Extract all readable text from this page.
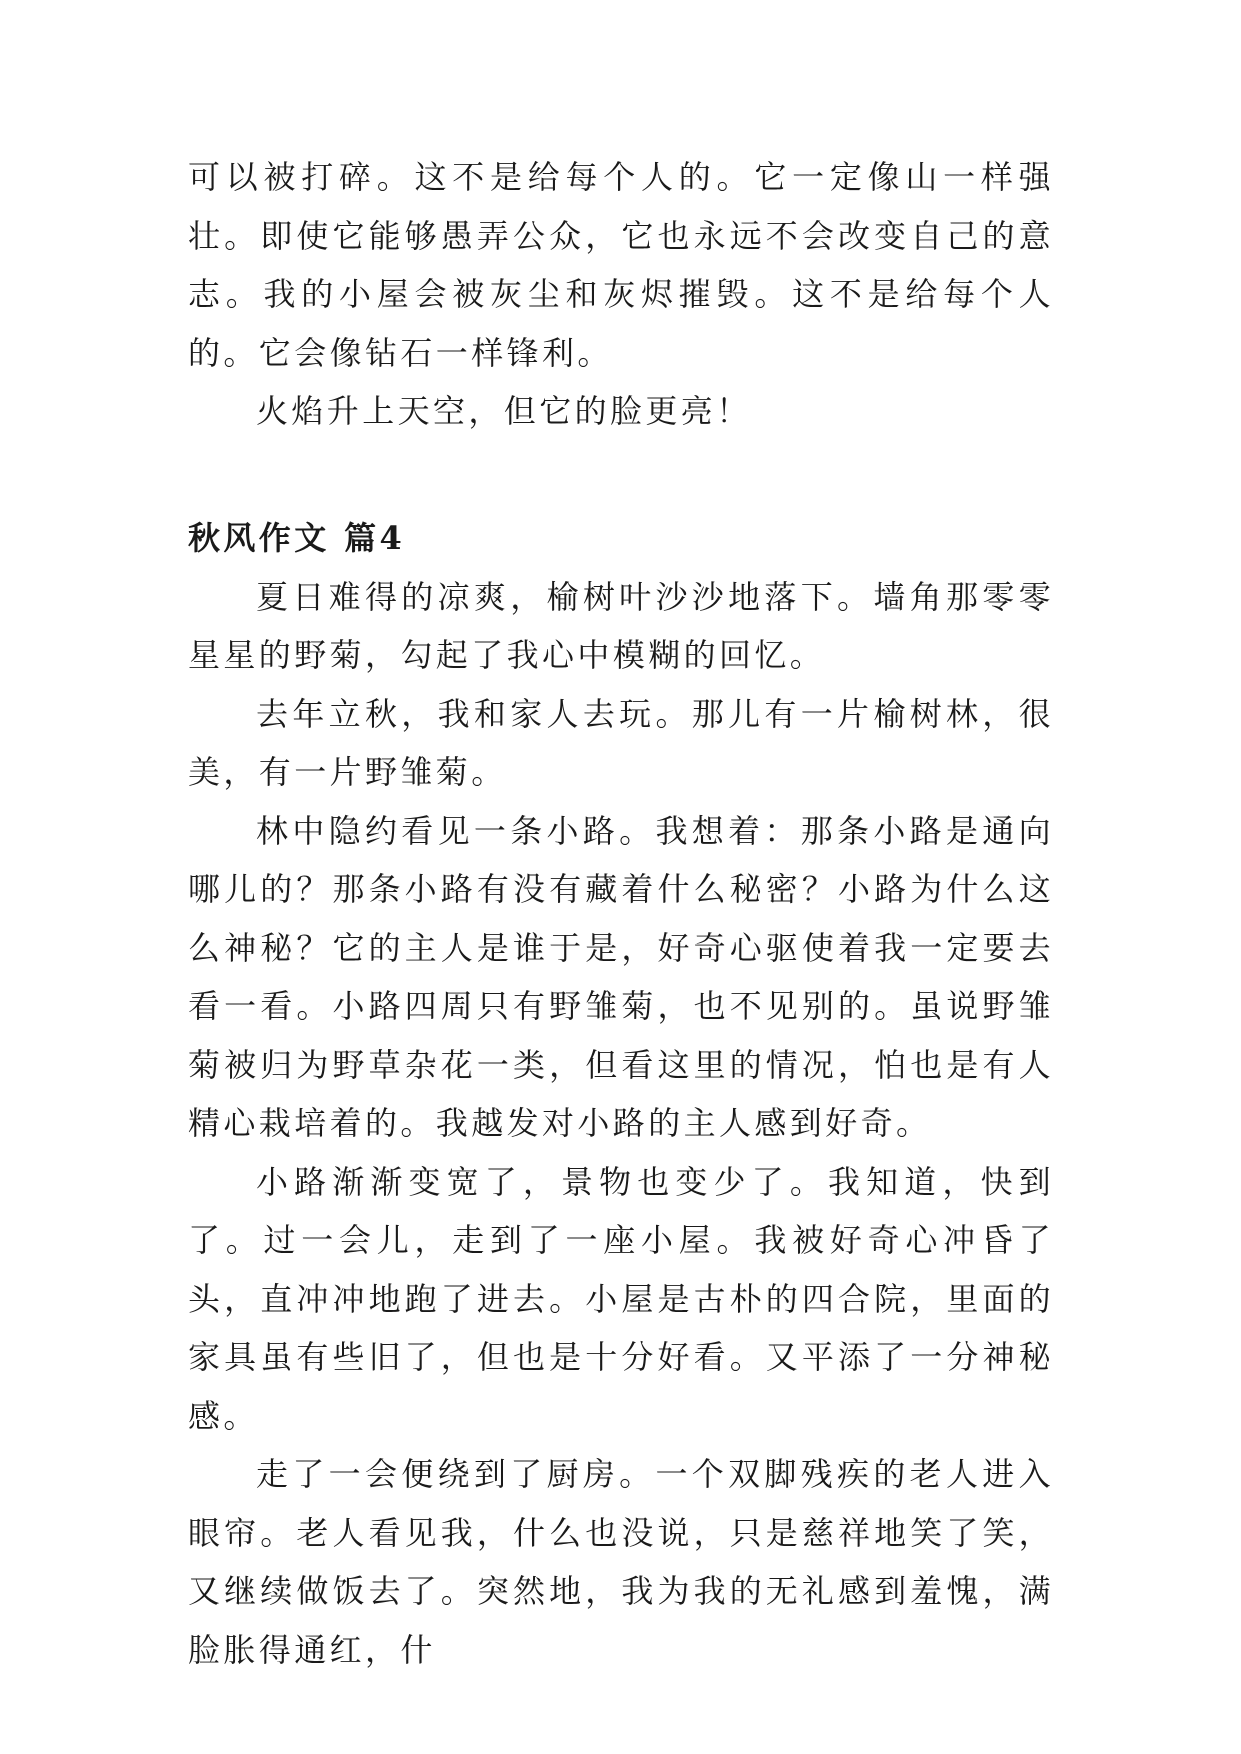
可以被打碎。这不是给每个人的。它一定像山一样强壮。即使它能够愚弄公众，它也永远不会改变自己的意志。我的小屋会被灰尘和灰烬摧毁。这不是给每个人的。它会像钻石一样锋利。

火焰升上天空，但它的脸更亮！

秋风作文 篇4

夏日难得的凉爽，榆树叶沙沙地落下。墙角那零零星星的野菊，勾起了我心中模糊的回忆。

去年立秋，我和家人去玩。那儿有一片榆树林，很美，有一片野雏菊。

林中隐约看见一条小路。我想着：那条小路是通向哪儿的？那条小路有没有藏着什么秘密？小路为什么这么神秘？它的主人是谁于是，好奇心驱使着我一定要去看一看。小路四周只有野雏菊，也不见别的。虽说野雏菊被归为野草杂花一类，但看这里的情况，怕也是有人精心栽培着的。我越发对小路的主人感到好奇。

小路渐渐变宽了，景物也变少了。我知道，快到了。过一会儿，走到了一座小屋。我被好奇心冲昏了头，直冲冲地跑了进去。小屋是古朴的四合院，里面的家具虽有些旧了，但也是十分好看。又平添了一分神秘感。

走了一会便绕到了厨房。一个双脚残疾的老人进入眼帘。老人看见我，什么也没说，只是慈祥地笑了笑，又继续做饭去了。突然地，我为我的无礼感到羞愧，满脸胀得通红，什
